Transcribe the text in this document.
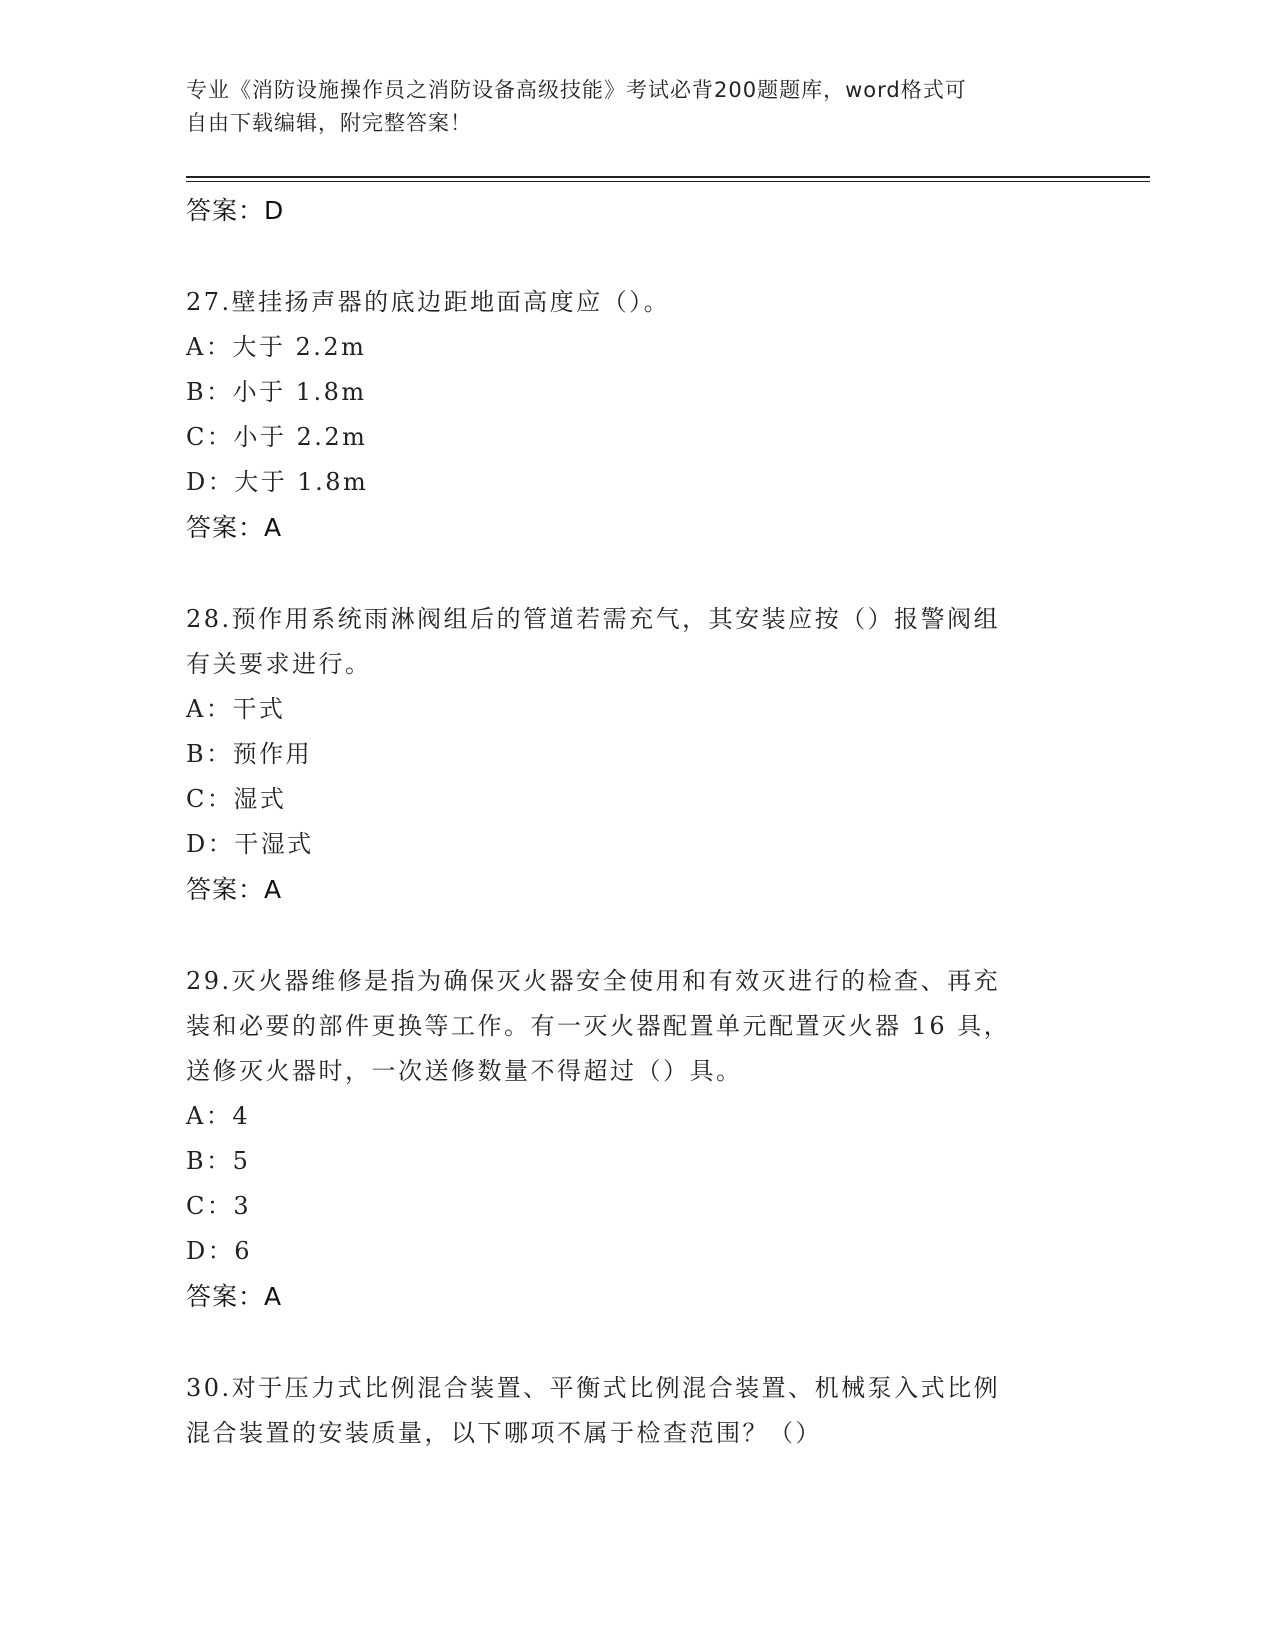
专业《消防设施操作员之消防设备高级技能》考试必背200题题库，word格式可
自由下载编辑，附完整答案！
答案：D
27.壁挂扬声器的底边距地面高度应（）。
A：大于 2.2m
B：小于 1.8m
C：小于 2.2m
D：大于 1.8m
答案：A
28.预作用系统雨淋阀组后的管道若需充气，其安装应按（）报警阀组
有关要求进行。
A：干式
B：预作用
C：湿式
D：干湿式
答案：A
29.灭火器维修是指为确保灭火器安全使用和有效灭进行的检查、再充
装和必要的部件更换等工作。有一灭火器配置单元配置灭火器 16 具，
送修灭火器时，一次送修数量不得超过（）具。
A：4
B：5
C：3
D：6
答案：A
30.对于压力式比例混合装置、平衡式比例混合装置、机械泵入式比例
混合装置的安装质量，以下哪项不属于检查范围？（）
